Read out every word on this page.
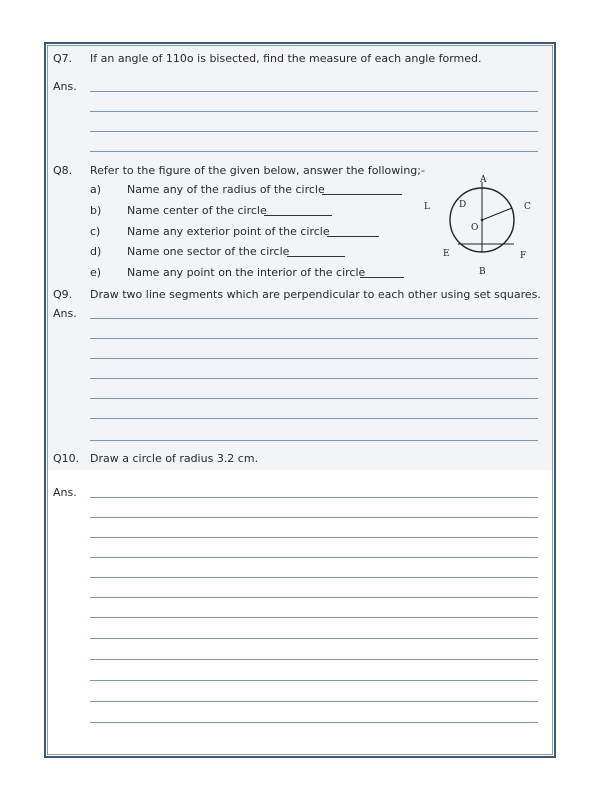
Q7. If an angle of 110o is bisected, find the measure of each angle formed.
Ans.
Q8. Refer to the figure of the given below, answer the following;-
a) Name any of the radius of the circle
b) Name center of the circle
c) Name any exterior point of the circle
d) Name one sector of the circle
e) Name any point on the interior of the circle
A
B
C
D
E	F
L
O
Q9. Draw two line segments which are perpendicular to each other using set squares.
Ans.
Q10. Draw a circle of radius 3.2 cm.
Ans.
